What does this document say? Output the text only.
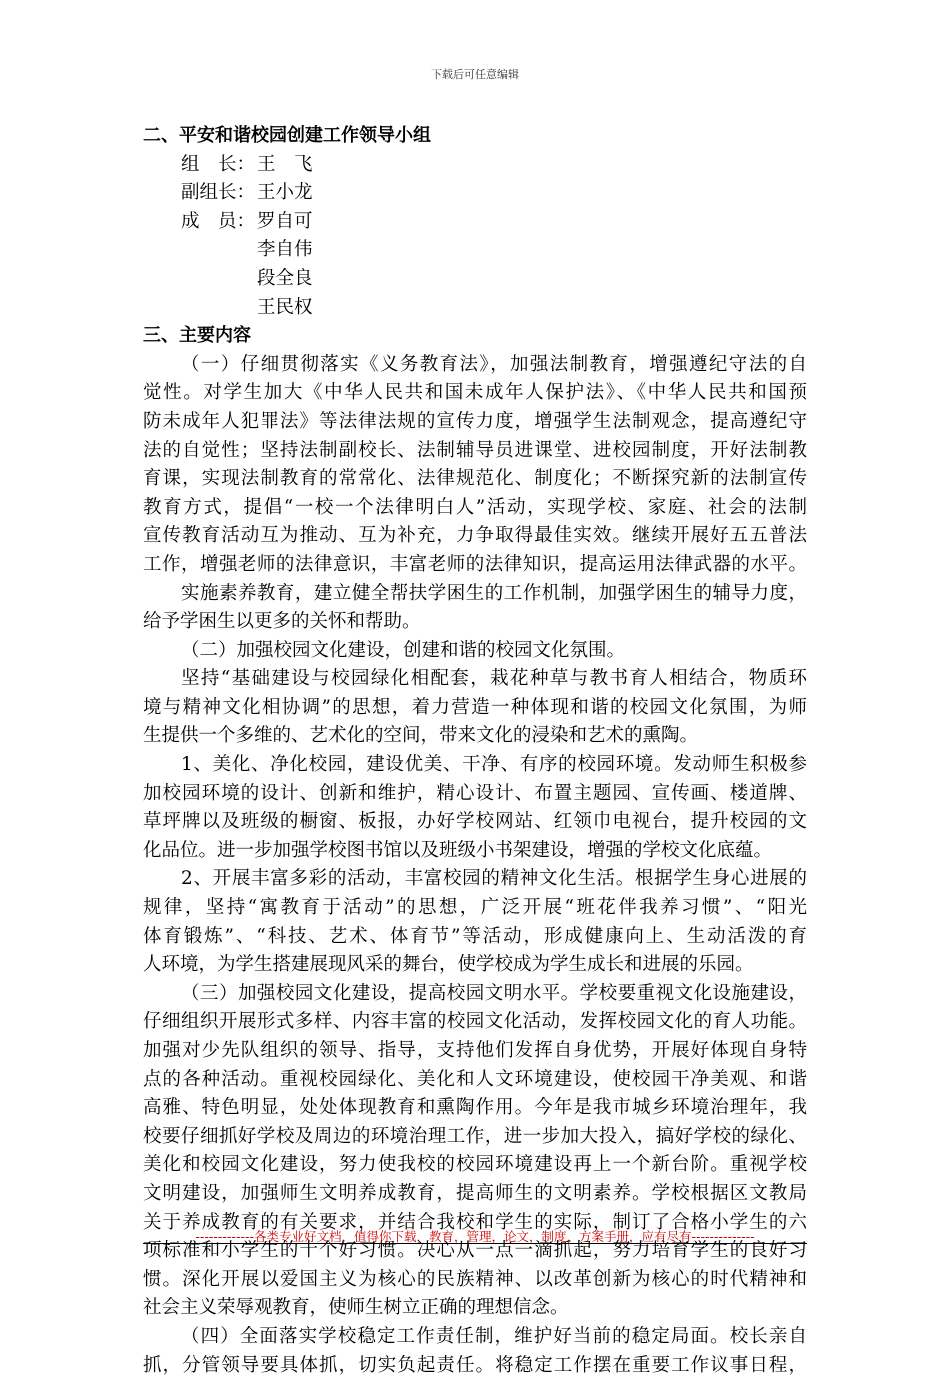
下载后可任意编辑
二、平安和谐校园创建工作领导小组
组　长： 王　飞
副组长： 王小龙
成　员： 罗自可
李自伟
段全良
王民权
三、主要内容
（一）仔细贯彻落实《义务教育法》，加强法制教育，增强遵纪守法的自
觉性。对学生加大《中华人民共和国未成年人保护法》、《中华人民共和国预
防未成年人犯罪法》等法律法规的宣传力度，增强学生法制观念，提高遵纪守
法的自觉性；坚持法制副校长、法制辅导员进课堂、进校园制度，开好法制教
育课，实现法制教育的常常化、法律规范化、制度化；不断探究新的法制宣传
教育方式，提倡“一校一个法律明白人”活动，实现学校、家庭、社会的法制
宣传教育活动互为推动、互为补充，力争取得最佳实效。继续开展好五五普法
工作，增强老师的法律意识，丰富老师的法律知识，提高运用法律武器的水平。
实施素养教育，建立健全帮扶学困生的工作机制，加强学困生的辅导力度，
给予学困生以更多的关怀和帮助。
（二）加强校园文化建设，创建和谐的校园文化氛围。
坚持“基础建设与校园绿化相配套，栽花种草与教书育人相结合，物质环
境与精神文化相协调”的思想，着力营造一种体现和谐的校园文化氛围，为师
生提供一个多维的、艺术化的空间，带来文化的浸染和艺术的熏陶。
1、美化、净化校园，建设优美、干净、有序的校园环境。发动师生积极参
加校园环境的设计、创新和维护，精心设计、布置主题园、宣传画、楼道牌、
草坪牌以及班级的橱窗、板报，办好学校网站、红领巾电视台，提升校园的文
化品位。进一步加强学校图书馆以及班级小书架建设，增强的学校文化底蕴。
2、开展丰富多彩的活动，丰富校园的精神文化生活。根据学生身心进展的
规律，坚持“寓教育于活动”的思想，广泛开展“班花伴我养习惯”、“阳光
体育锻炼”、“科技、艺术、体育节”等活动，形成健康向上、生动活泼的育
人环境，为学生搭建展现风采的舞台，使学校成为学生成长和进展的乐园。
（三）加强校园文化建设，提高校园文明水平。学校要重视文化设施建设，
仔细组织开展形式多样、内容丰富的校园文化活动，发挥校园文化的育人功能。
加强对少先队组织的领导、指导，支持他们发挥自身优势，开展好体现自身特
点的各种活动。重视校园绿化、美化和人文环境建设，使校园干净美观、和谐
高雅、特色明显，处处体现教育和熏陶作用。今年是我市城乡环境治理年，我
校要仔细抓好学校及周边的环境治理工作，进一步加大投入，搞好学校的绿化、
美化和校园文化建设，努力使我校的校园环境建设再上一个新台阶。重视学校
文明建设，加强师生文明养成教育，提高师生的文明素养。学校根据区文教局
关于养成教育的有关要求，并结合我校和学生的实际，制订了合格小学生的六
项标准和小学生的十个好习惯。决心从一点一滴抓起，努力培育学生的良好习
惯。深化开展以爱国主义为核心的民族精神、以改革创新为核心的时代精神和
社会主义荣辱观教育，使师生树立正确的理想信念。
（四）全面落实学校稳定工作责任制，维护好当前的稳定局面。校长亲自
抓，分管领导要具体抓，切实负起责任。将稳定工作摆在重要工作议事日程，
-------------各类专业好文档，值得你下载，教育，管理，论文，制度，方案手册，应有尽有--------------
